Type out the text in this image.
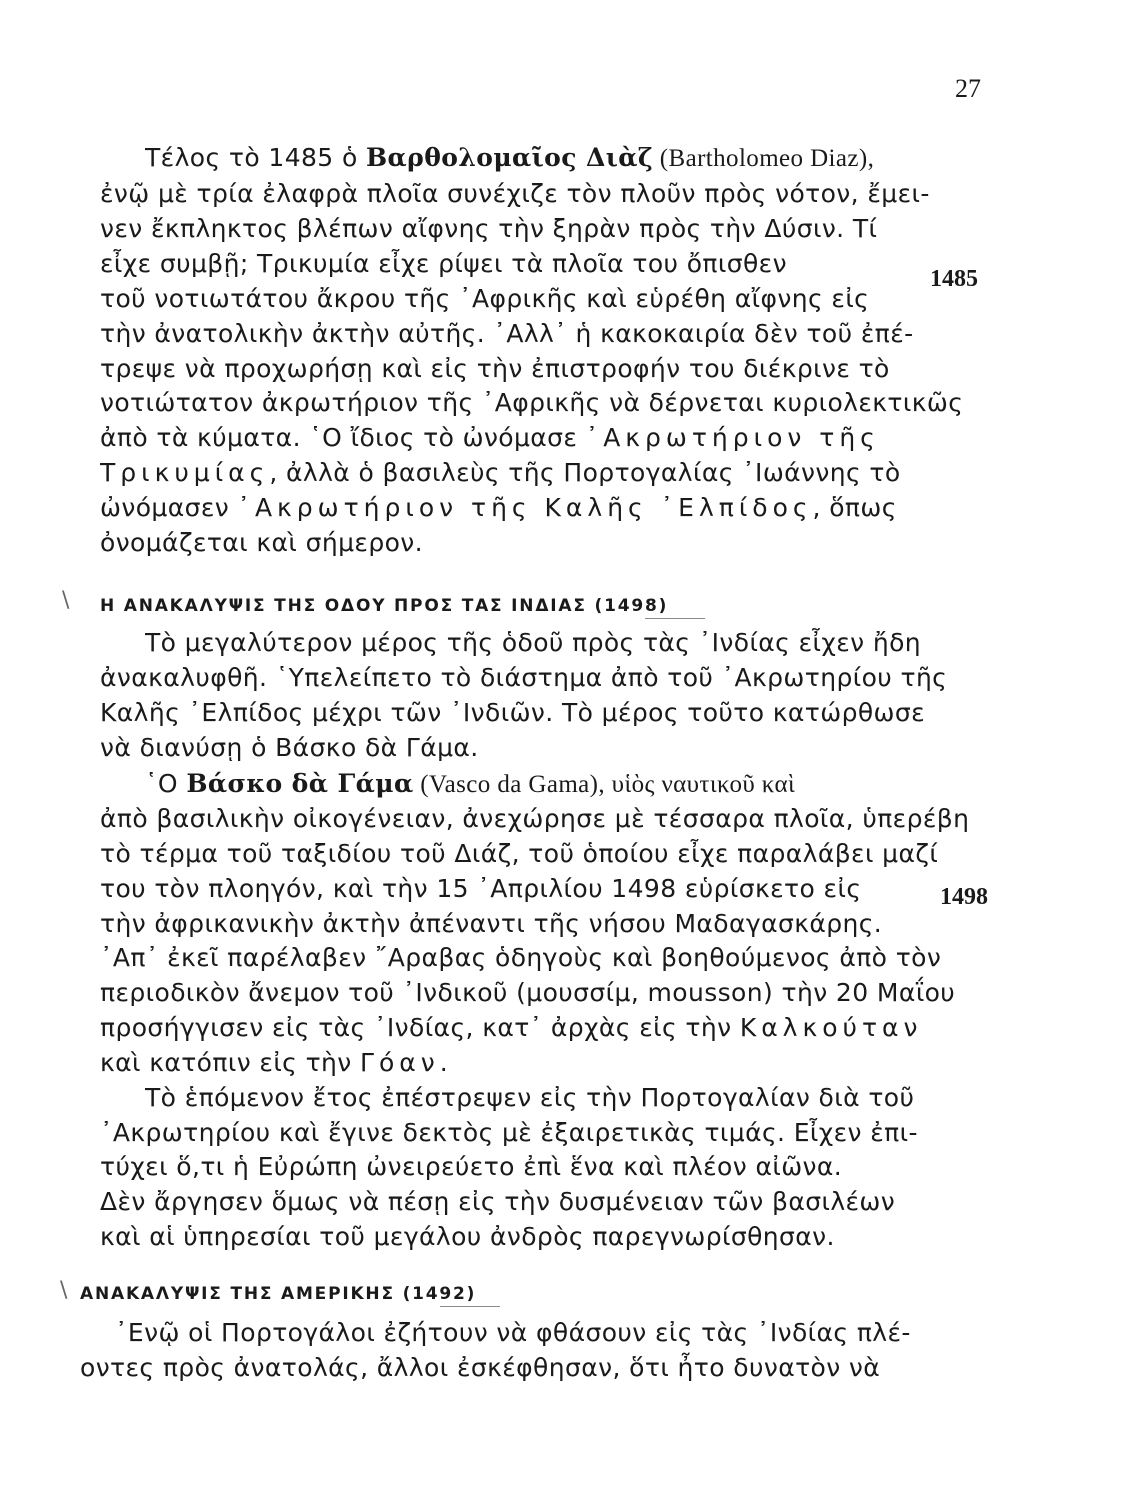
27
Τέλος τὸ 1485 ὁ Βαρθολομαῖος Διὰζ (Bartholomeo Diaz),
ἐνῷ μὲ τρία ἐλαφρὰ πλοῖα συνέχιζε τὸν πλοῦν πρὸς νότον, ἔμει-
νεν ἔκπληκτος βλέπων αἴφνης τὴν ξηρὰν πρὸς τὴν Δύσιν. Τί
εἶχε συμβῇ; Τρικυμία εἶχε ρίψει τὰ πλοῖα του ὄπισθεν
τοῦ νοτιωτάτου ἄκρου τῆς ᾿Αφρικῆς καὶ εὑρέθη αἴφνης εἰς
τὴν ἀνατολικὴν ἀκτὴν αὐτῆς. ᾿Αλλ᾿ ἡ κακοκαιρία δὲν τοῦ ἐπέ-
τρεψε νὰ προχωρήσῃ καὶ εἰς τὴν ἐπιστροφήν του διέκρινε τὸ
νοτιώτατον ἀκρωτήριον τῆς ᾿Αφρικῆς νὰ δέρνεται κυριολεκτικῶς
ἀπὸ τὰ κύματα. ῾Ο ἴδιος τὸ ὠνόμασε ᾿Ακρωτήριον τῆς
Τρικυμίας, ἀλλὰ ὁ βασιλεὺς τῆς Πορτογαλίας ᾿Ιωάννης τὸ
ὠνόμασεν ᾿Ακρωτήριον τῆς Καλῆς ᾿Ελπίδος, ὅπως
ὀνομάζεται καὶ σήμερον.
1485
\ Η ΑΝΑΚΑΛΥΨΙΣ ΤΗΣ ΟΔΟΥ ΠΡΟΣ ΤΑΣ ΙΝΔΙΑΣ (1498)
Τὸ μεγαλύτερον μέρος τῆς ὁδοῦ πρὸς τὰς ᾿Ινδίας εἶχεν ἤδη
ἀνακαλυφθῆ. ῾Υπελείπετο τὸ διάστημα ἀπὸ τοῦ ᾿Ακρωτηρίου τῆς
Καλῆς ᾿Ελπίδος μέχρι τῶν ᾿Ινδιῶν. Τὸ μέρος τοῦτο κατώρθωσε
νὰ διανύσῃ ὁ Βάσκο δὰ Γάμα.
῾Ο Βάσκο δὰ Γάμα (Vasco da Gama), υἱὸς ναυτικοῦ καὶ
ἀπὸ βασιλικὴν οἰκογένειαν, ἀνεχώρησε μὲ τέσσαρα πλοῖα, ὑπερέβη
τὸ τέρμα τοῦ ταξιδίου τοῦ Διάζ, τοῦ ὁποίου εἶχε παραλάβει μαζί
του τὸν πλοηγόν, καὶ τὴν 15 ᾿Απριλίου 1498 εὑρίσκετο εἰς
τὴν ἀφρικανικὴν ἀκτὴν ἀπέναντι τῆς νήσου Μαδαγασκάρης.
᾿Απ᾿ ἐκεῖ παρέλαβεν ῎Αραβας ὁδηγοὺς καὶ βοηθούμενος ἀπὸ τὸν
περιοδικὸν ἄνεμον τοῦ ᾿Ινδικοῦ (μουσσίμ, mousson) τὴν 20 Μαΐου
προσήγγισεν εἰς τὰς ᾿Ινδίας, κατ᾿ ἀρχὰς εἰς τὴν Καλκούταν
καὶ κατόπιν εἰς τὴν Γόαν.
Τὸ ἑπόμενον ἔτος ἐπέστρεψεν εἰς τὴν Πορτογαλίαν διὰ τοῦ
᾿Ακρωτηρίου καὶ ἔγινε δεκτὸς μὲ ἐξαιρετικὰς τιμάς. Εἶχεν ἐπι-
τύχει ὅ,τι ἡ Εὐρώπη ὠνειρεύετο ἐπὶ ἕνα καὶ πλέον αἰῶνα.
Δὲν ἄργησεν ὅμως νὰ πέσῃ εἰς τὴν δυσμένειαν τῶν βασιλέων
καὶ αἱ ὑπηρεσίαι τοῦ μεγάλου ἀνδρὸς παρεγνωρίσθησαν.
1498
\ ΑΝΑΚΑΛΥΨΙΣ ΤΗΣ ΑΜΕΡΙΚΗΣ (1492)
᾿Ενῷ οἱ Πορτογάλοι ἐζήτουν νὰ φθάσουν εἰς τὰς ᾿Ινδίας πλέ-
οντες πρὸς ἀνατολάς, ἄλλοι ἐσκέφθησαν, ὅτι ἦτο δυνατὸν νὰ
